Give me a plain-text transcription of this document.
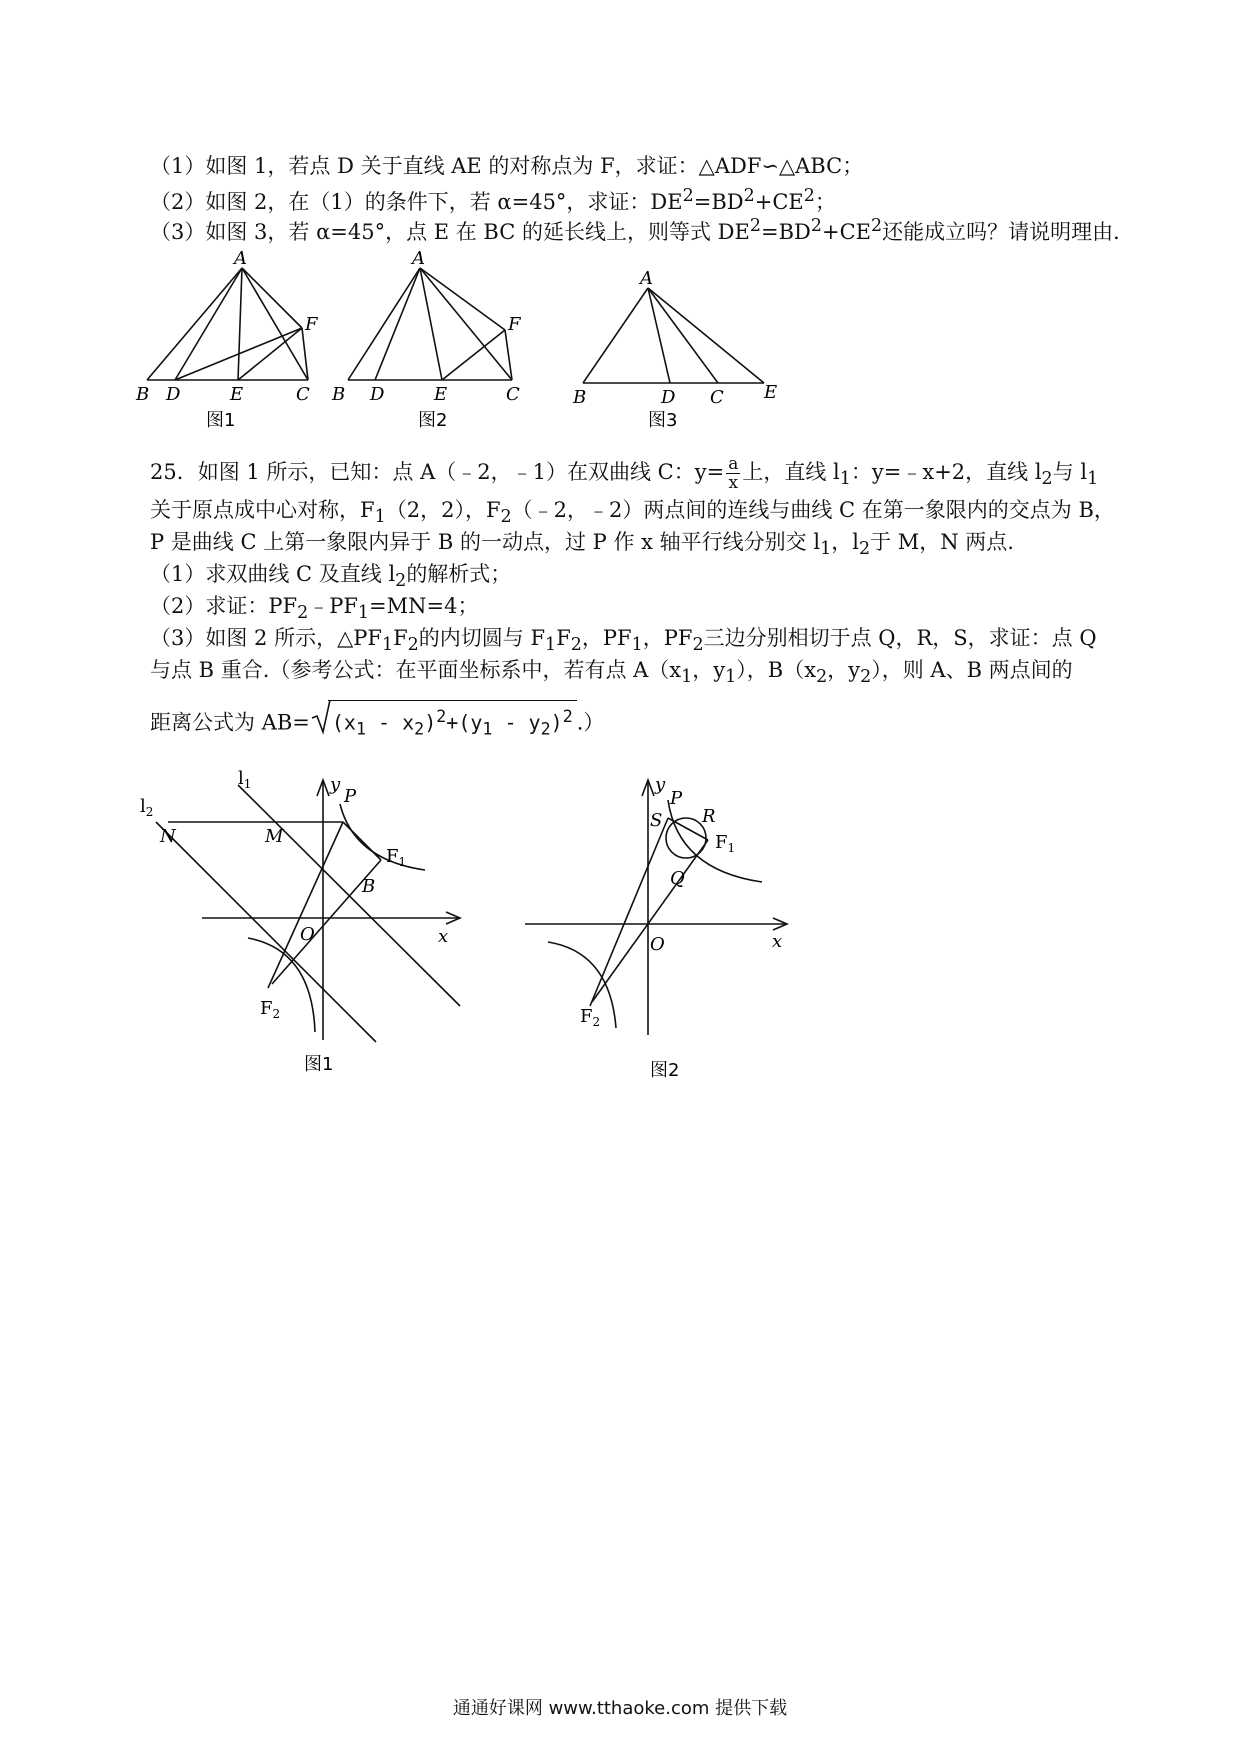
（1）如图 1，若点 D 关于直线 AE 的对称点为 F，求证：△ADF∽△ABC；
（2）如图 2，在（1）的条件下，若 α=45°，求证：$DE^2=BD^2+CE^2$；
（3）如图 3，若 α=45°，点 E 在 BC 的延长线上，则等式 $DE^2=BD^2+CE^2$还能成立吗？请说明理由．
B D	E	C
A
F
图1
B D	E	C
A
F
图2
B	D C E
A
图3
25．如图 1 所示，已知：点 A（﹣2，﹣1）在双曲线 C：$y= \frac{a}{x}$ 上，直线 $l_1$：y=﹣x+2，直线 $l_2$与 $l_1$
关于原点成中心对称，$F_1(2$，2），$F_2(﹣2$，﹣2）两点间的连线与曲线 C 在第一象限内的交点为 B，
P 是曲线 C 上第一象限内异于 B 的一动点，过 P 作 x 轴平行线分别交 $l_1$，$l_2$于 M，N 两点.
（1）求双曲线 C 及直线 $l_2$的解析式；
（2）求证：$PF_2﹣PF_1=MN=4$；
（3）如图 2 所示，$\triangle PF_1F_2$的内切圆与 $F_1F_2$，$PF_1$，$PF_2$三边分别相切于点 Q，R，S，求证：点 Q
与点 B 重合.（参考公式：在平面坐标系中，若有点 $A(x_1$，$y_1$），$B(x_2$，$y_2$），则 A、B 两点间的
距离公式为 $AB= (x_1 - x_2)^2+(y_1 - y_2)^2$ .）
$l_2$
$l_1$
N	M
P
$F_1$
B
O	x
y
$F_2$
图1
P
S R
$F_1$
Q
O	x
y
$F_2$
图2
通通好课网 www.tthaoke.com 提供下载
